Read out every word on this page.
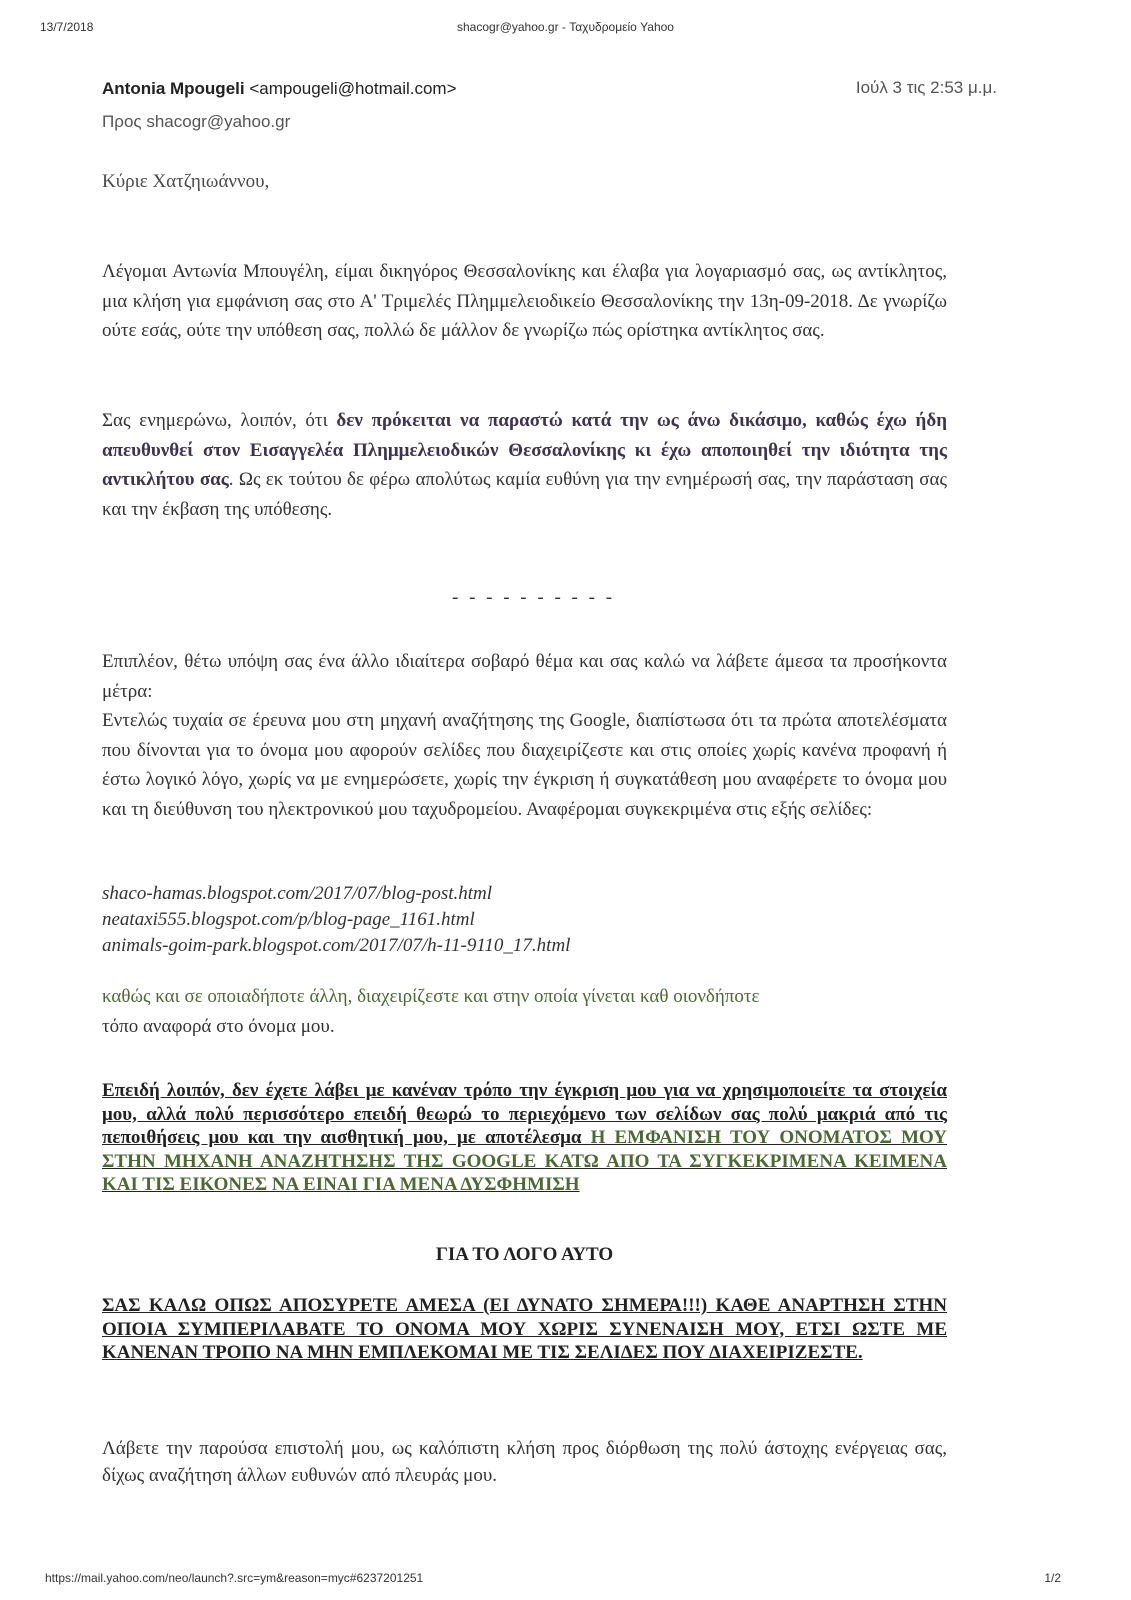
13/7/2018	shacogr@yahoo.gr - Ταχυδρομείο Yahoo
Antonia Mpougeli <ampougeli@hotmail.com>	Ιούλ 3 τις 2:53 μ.μ.
Προς shacogr@yahoo.gr
Κύριε Χατζηιωάννου,
Λέγομαι Αντωνία Μπουγέλη, είμαι δικηγόρος Θεσσαλονίκης και έλαβα για λογαριασμό σας, ως αντίκλητος, μια κλήση για εμφάνιση σας στο Α' Τριμελές Πλημμελειοδικείο Θεσσαλονίκης την 13η-09-2018. Δε γνωρίζω ούτε εσάς, ούτε την υπόθεση σας, πολλώ δε μάλλον δε γνωρίζω πώς ορίστηκα αντίκλητος σας.
Σας ενημερώνω, λοιπόν, ότι δεν πρόκειται να παραστώ κατά την ως άνω δικάσιμο, καθώς έχω ήδη απευθυνθεί στον Εισαγγελέα Πλημμελειοδικών Θεσσαλονίκης κι έχω αποποιηθεί την ιδιότητα της αντικλήτου σας. Ως εκ τούτου δε φέρω απολύτως καμία ευθύνη για την ενημέρωσή σας, την παράσταση σας και την έκβαση της υπόθεσης.
- - - - - - - - - -
Επιπλέον, θέτω υπόψη σας ένα άλλο ιδιαίτερα σοβαρό θέμα και σας καλώ να λάβετε άμεσα τα προσήκοντα μέτρα:
Εντελώς τυχαία σε έρευνα μου στη μηχανή αναζήτησης της Google, διαπίστωσα ότι τα πρώτα αποτελέσματα που δίνονται για το όνομα μου αφορούν σελίδες που διαχειρίζεστε και στις οποίες χωρίς κανένα προφανή ή έστω λογικό λόγο, χωρίς να με ενημερώσετε, χωρίς την έγκριση ή συγκατάθεση μου αναφέρετε το όνομα μου και τη διεύθυνση του ηλεκτρονικού μου ταχυδρομείου. Αναφέρομαι συγκεκριμένα στις εξής σελίδες:
shaco-hamas.blogspot.com/2017/07/blog-post.html
neataxi555.blogspot.com/p/blog-page_1161.html
animals-goim-park.blogspot.com/2017/07/h-11-9110_17.html
καθώς και σε οποιαδήποτε άλλη, διαχειρίζεστε και στην οποία γίνεται καθ οιονδήποτε
τόπο αναφορά στο όνομα μου.
Επειδή λοιπόν, δεν έχετε λάβει με κανέναν τρόπο την έγκριση μου για να χρησιμοποιείτε τα στοιχεία μου, αλλά πολύ περισσότερο επειδή θεωρώ το περιεχόμενο των σελίδων σας πολύ μακριά από τις πεποιθήσεις μου και την αισθητική μου, με αποτέλεσμα Η ΕΜΦΑΝΙΣΗ ΤΟΥ ΟΝΟΜΑΤΟΣ ΜΟΥ ΣΤΗΝ ΜΗΧΑΝΗ ΑΝΑΖΗΤΗΣΗΣ ΤΗΣ GOOGLE ΚΑΤΩ ΑΠΟ ΤΑ ΣΥΓΚΕΚΡΙΜΕΝΑ ΚΕΙΜΕΝΑ ΚΑΙ ΤΙΣ ΕΙΚΟΝΕΣ ΝΑ ΕΙΝΑΙ ΓΙΑ ΜΕΝΑ ΔΥΣΦΗΜΙΣΗ
ΓΙΑ ΤΟ ΛΟΓΟ ΑΥΤΟ
ΣΑΣ ΚΑΛΩ ΟΠΩΣ ΑΠΟΣΥΡΕΤΕ ΑΜΕΣΑ (ΕΙ ΔΥΝΑΤΟ ΣΗΜΕΡΑ!!!) ΚΑΘΕ ΑΝΑΡΤΗΣΗ ΣΤΗΝ ΟΠΟΙΑ ΣΥΜΠΕΡΙΛΑΒΑΤΕ ΤΟ ΟΝΟΜΑ ΜΟΥ ΧΩΡΙΣ ΣΥΝΕΝΑΙΣΗ ΜΟΥ, ΕΤΣΙ ΩΣΤΕ ΜΕ ΚΑΝΕΝΑΝ ΤΡΟΠΟ ΝΑ ΜΗΝ ΕΜΠΛΕΚΟΜΑΙ ΜΕ ΤΙΣ ΣΕΛΙΔΕΣ ΠΟΥ ΔΙΑΧΕΙΡΙΖΕΣΤΕ.
Λάβετε την παρούσα επιστολή μου, ως καλόπιστη κλήση προς διόρθωση της πολύ άστοχης ενέργειας σας, δίχως αναζήτηση άλλων ευθυνών από πλευράς μου.
https://mail.yahoo.com/neo/launch?.src=ym&reason=myc#6237201251	1/2
